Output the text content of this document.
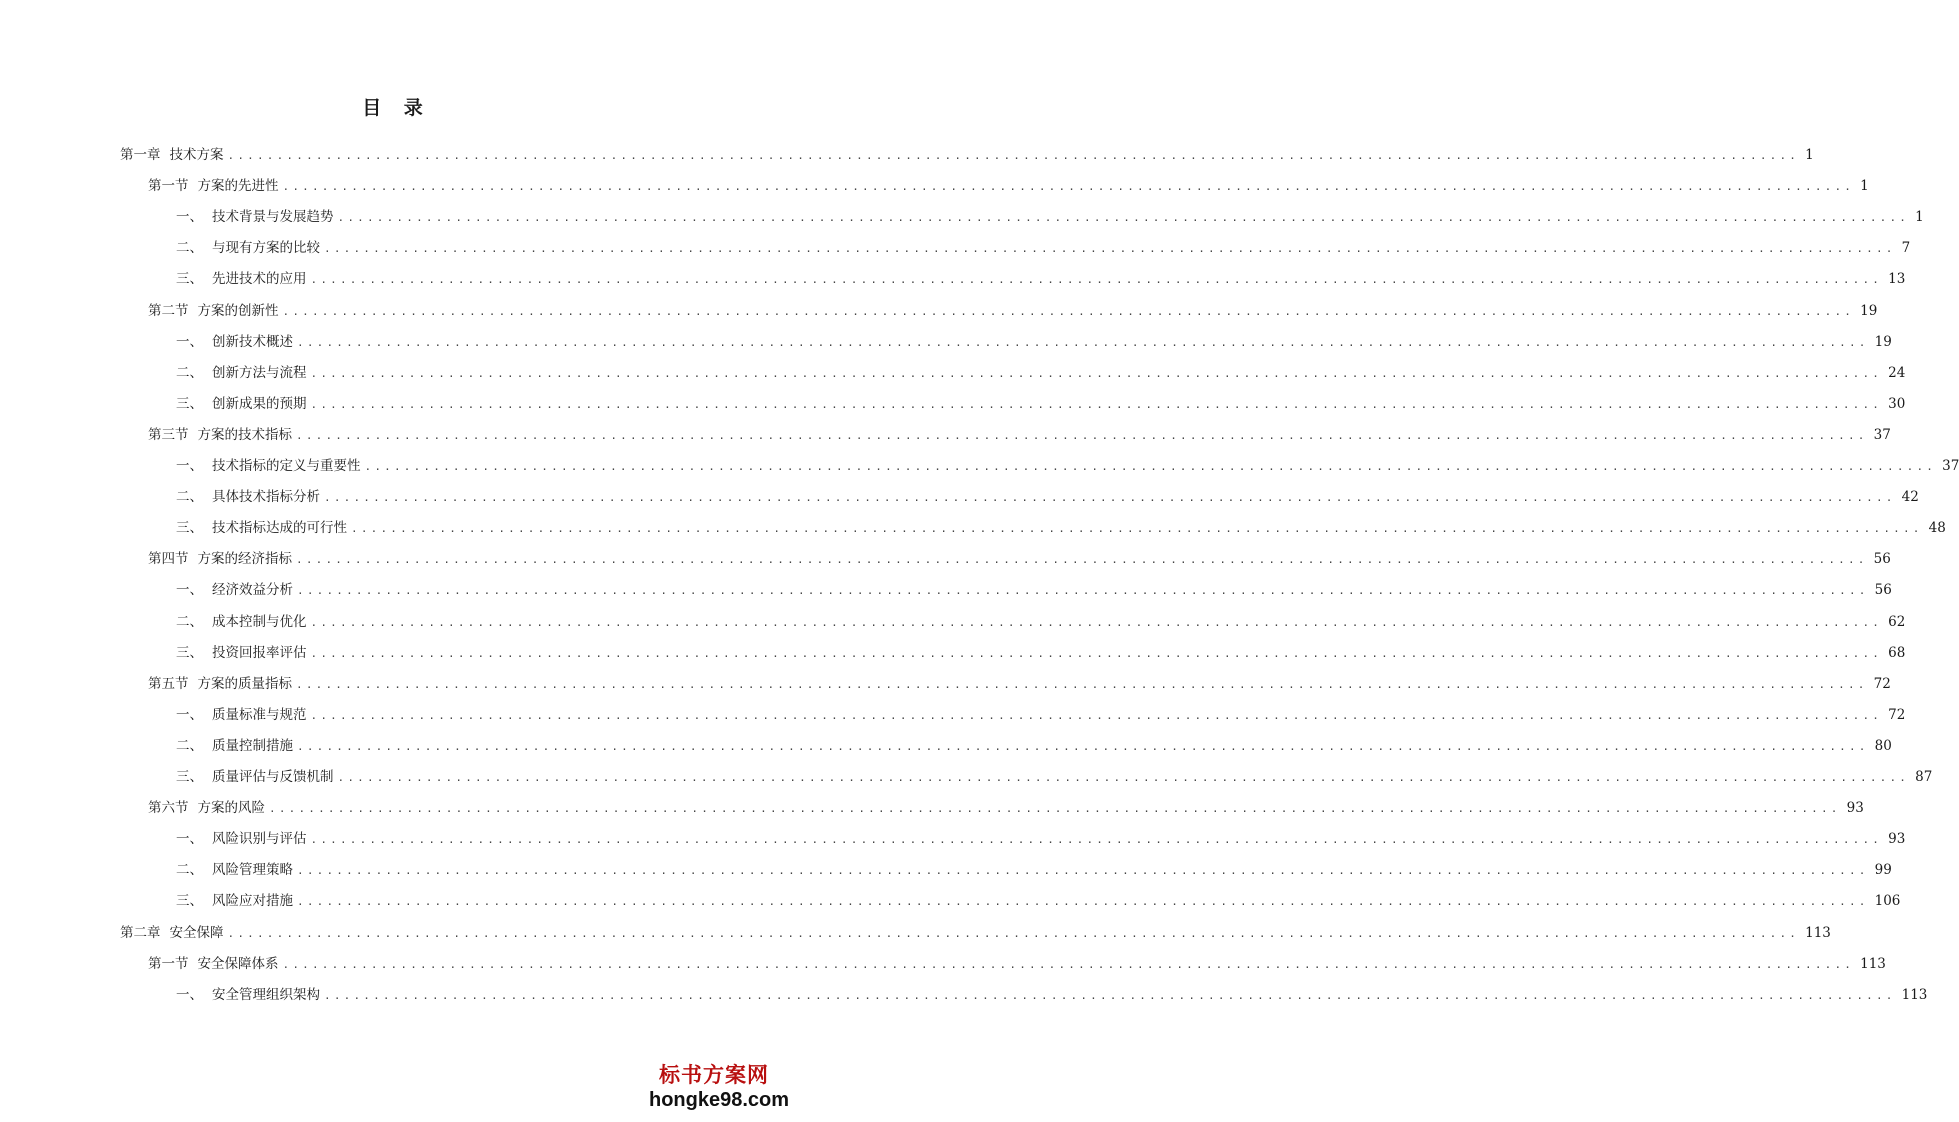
目 录
第一章 技术方案 ................................................................................................................................................................ 1
第一节 方案的先进性 ................................................................................................................................................................ 1
一、 技术背景与发展趋势 ................................................................................................................................................................ 1
二、 与现有方案的比较 ................................................................................................................................................................ 7
三、 先进技术的应用 ................................................................................................................................................................ 13
第二节 方案的创新性 ................................................................................................................................................................ 19
一、 创新技术概述 ................................................................................................................................................................ 19
二、 创新方法与流程 ................................................................................................................................................................ 24
三、 创新成果的预期 ................................................................................................................................................................ 30
第三节 方案的技术指标 ................................................................................................................................................................ 37
一、 技术指标的定义与重要性 ................................................................................................................................................................ 37
二、 具体技术指标分析 ................................................................................................................................................................ 42
三、 技术指标达成的可行性 ................................................................................................................................................................ 48
第四节 方案的经济指标 ................................................................................................................................................................ 56
一、 经济效益分析 ................................................................................................................................................................ 56
二、 成本控制与优化 ................................................................................................................................................................ 62
三、 投资回报率评估 ................................................................................................................................................................ 68
第五节 方案的质量指标 ................................................................................................................................................................ 72
一、 质量标准与规范 ................................................................................................................................................................ 72
二、 质量控制措施 ................................................................................................................................................................ 80
三、 质量评估与反馈机制 ................................................................................................................................................................ 87
第六节 方案的风险 ................................................................................................................................................................ 93
一、 风险识别与评估 ................................................................................................................................................................ 93
二、 风险管理策略 ................................................................................................................................................................ 99
三、 风险应对措施 ................................................................................................................................................................ 106
第二章 安全保障 ................................................................................................................................................................ 113
第一节 安全保障体系 ................................................................................................................................................................ 113
一、 安全管理组织架构 ................................................................................................................................................................ 113
标书方案网
hongke98.com
